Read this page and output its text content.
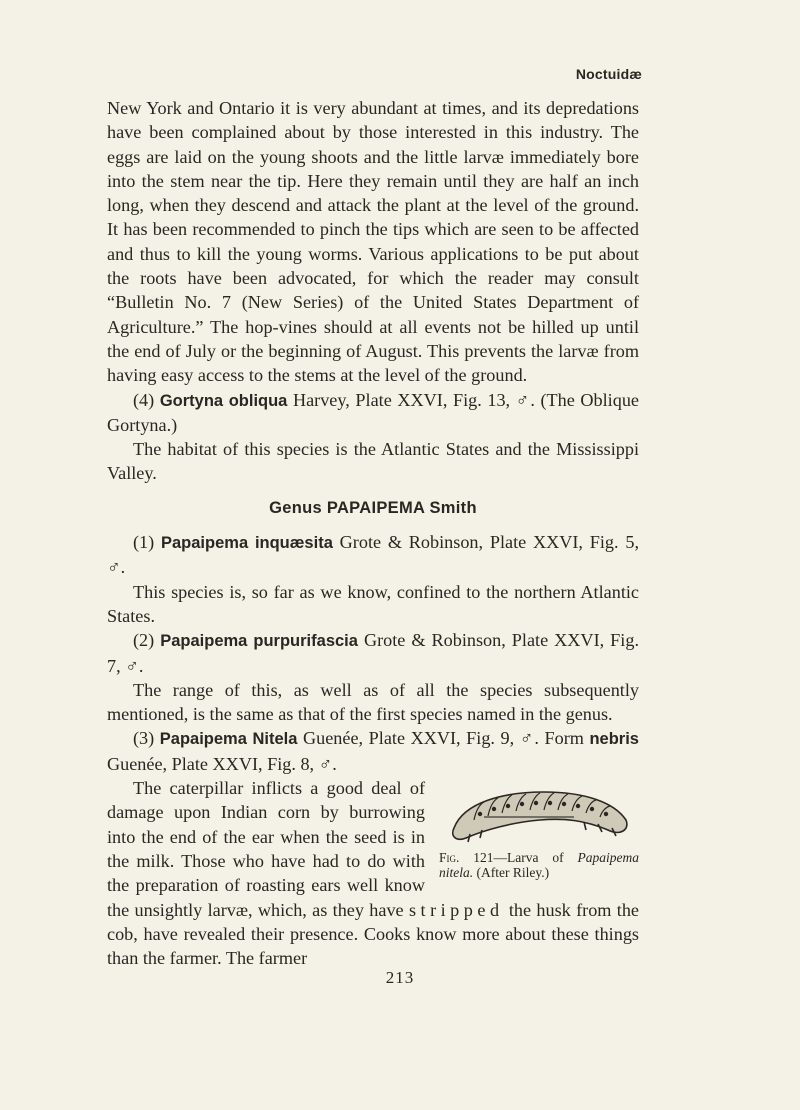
Noctuidæ

New York and Ontario it is very abundant at times, and its depredations have been complained about by those interested in this industry. The eggs are laid on the young shoots and the little larvæ immediately bore into the stem near the tip. Here they remain until they are half an inch long, when they descend and attack the plant at the level of the ground. It has been recommended to pinch the tips which are seen to be affected and thus to kill the young worms. Various applications to be put about the roots have been advocated, for which the reader may consult “Bulletin No. 7 (New Series) of the United States Department of Agriculture.” The hop-vines should at all events not be hilled up until the end of July or the beginning of August. This prevents the larvæ from having easy access to the stems at the level of the ground.

(4) Gortyna obliqua Harvey, Plate XXVI, Fig. 13, ♂. (The Oblique Gortyna.)

The habitat of this species is the Atlantic States and the Mississippi Valley.

Genus PAPAIPEMA Smith

(1) Papaipema inquæsita Grote & Robinson, Plate XXVI, Fig. 5, ♂.

This species is, so far as we know, confined to the northern Atlantic States.

(2) Papaipema purpurifascia Grote & Robinson, Plate XXVI, Fig. 7, ♂.

The range of this, as well as of all the species subsequently mentioned, is the same as that of the first species named in the genus.

(3) Papaipema Nitela Guenée, Plate XXVI, Fig. 9, ♂. Form nebris Guenée, Plate XXVI, Fig. 8, ♂.

Fig. 121—Larva of Papaipema nitela. (After Riley.)

The caterpillar inflicts a good deal of damage upon Indian corn by burrowing into the end of the ear when the seed is in the milk. Those who have had to do with the preparation of roasting ears well know the unsightly larvæ, which, as they have stripped the husk from the cob, have revealed their presence. Cooks know more about these things than the farmer. The farmer

213
